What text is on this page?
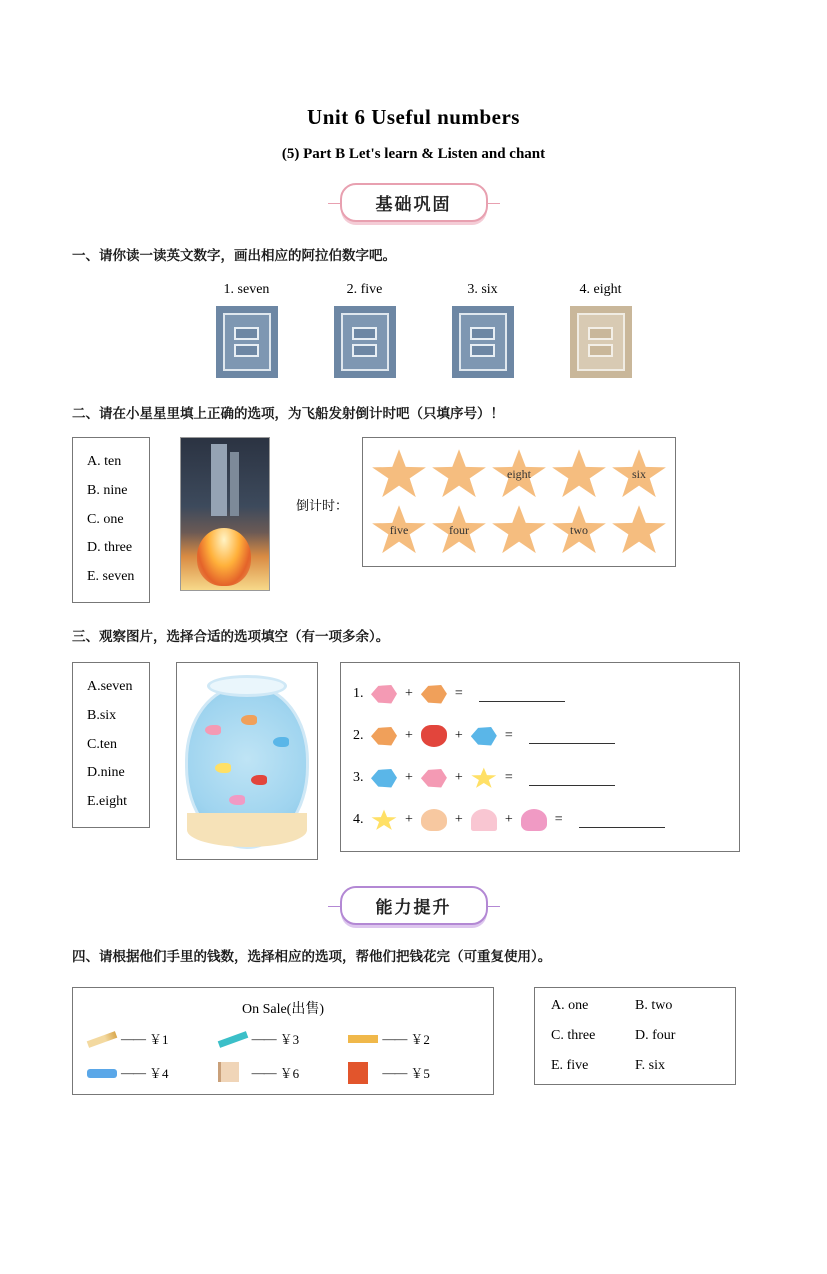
Unit 6 Useful numbers
(5) Part B Let's learn & Listen and chant
基础巩固
一、请你读一读英文数字，画出相应的阿拉伯数字吧。
1. seven	2. five	3. six	4. eight
二、请在小星星里填上正确的选项，为飞船发射倒计时吧（只填序号）！
A. ten
B. nine
C. one
D. three
E. seven
倒计时：
eight	six
five	four	two
三、观察图片，选择合适的选项填空（有一项多余）。
A.seven
B.six
C.ten
D.nine
E.eight
1.	+	=
2.	+	+	=
3.	+	+	=
4.	+	+	+	=
能力提升
四、请根据他们手里的钱数，选择相应的选项，帮他们把钱花完（可重复使用）。
On Sale(出售)
—— ￥1	—— ￥3	—— ￥2
—— ￥4	—— ￥6	—— ￥5
A. one	B. two
C. three	D. four
E. five	F. six
